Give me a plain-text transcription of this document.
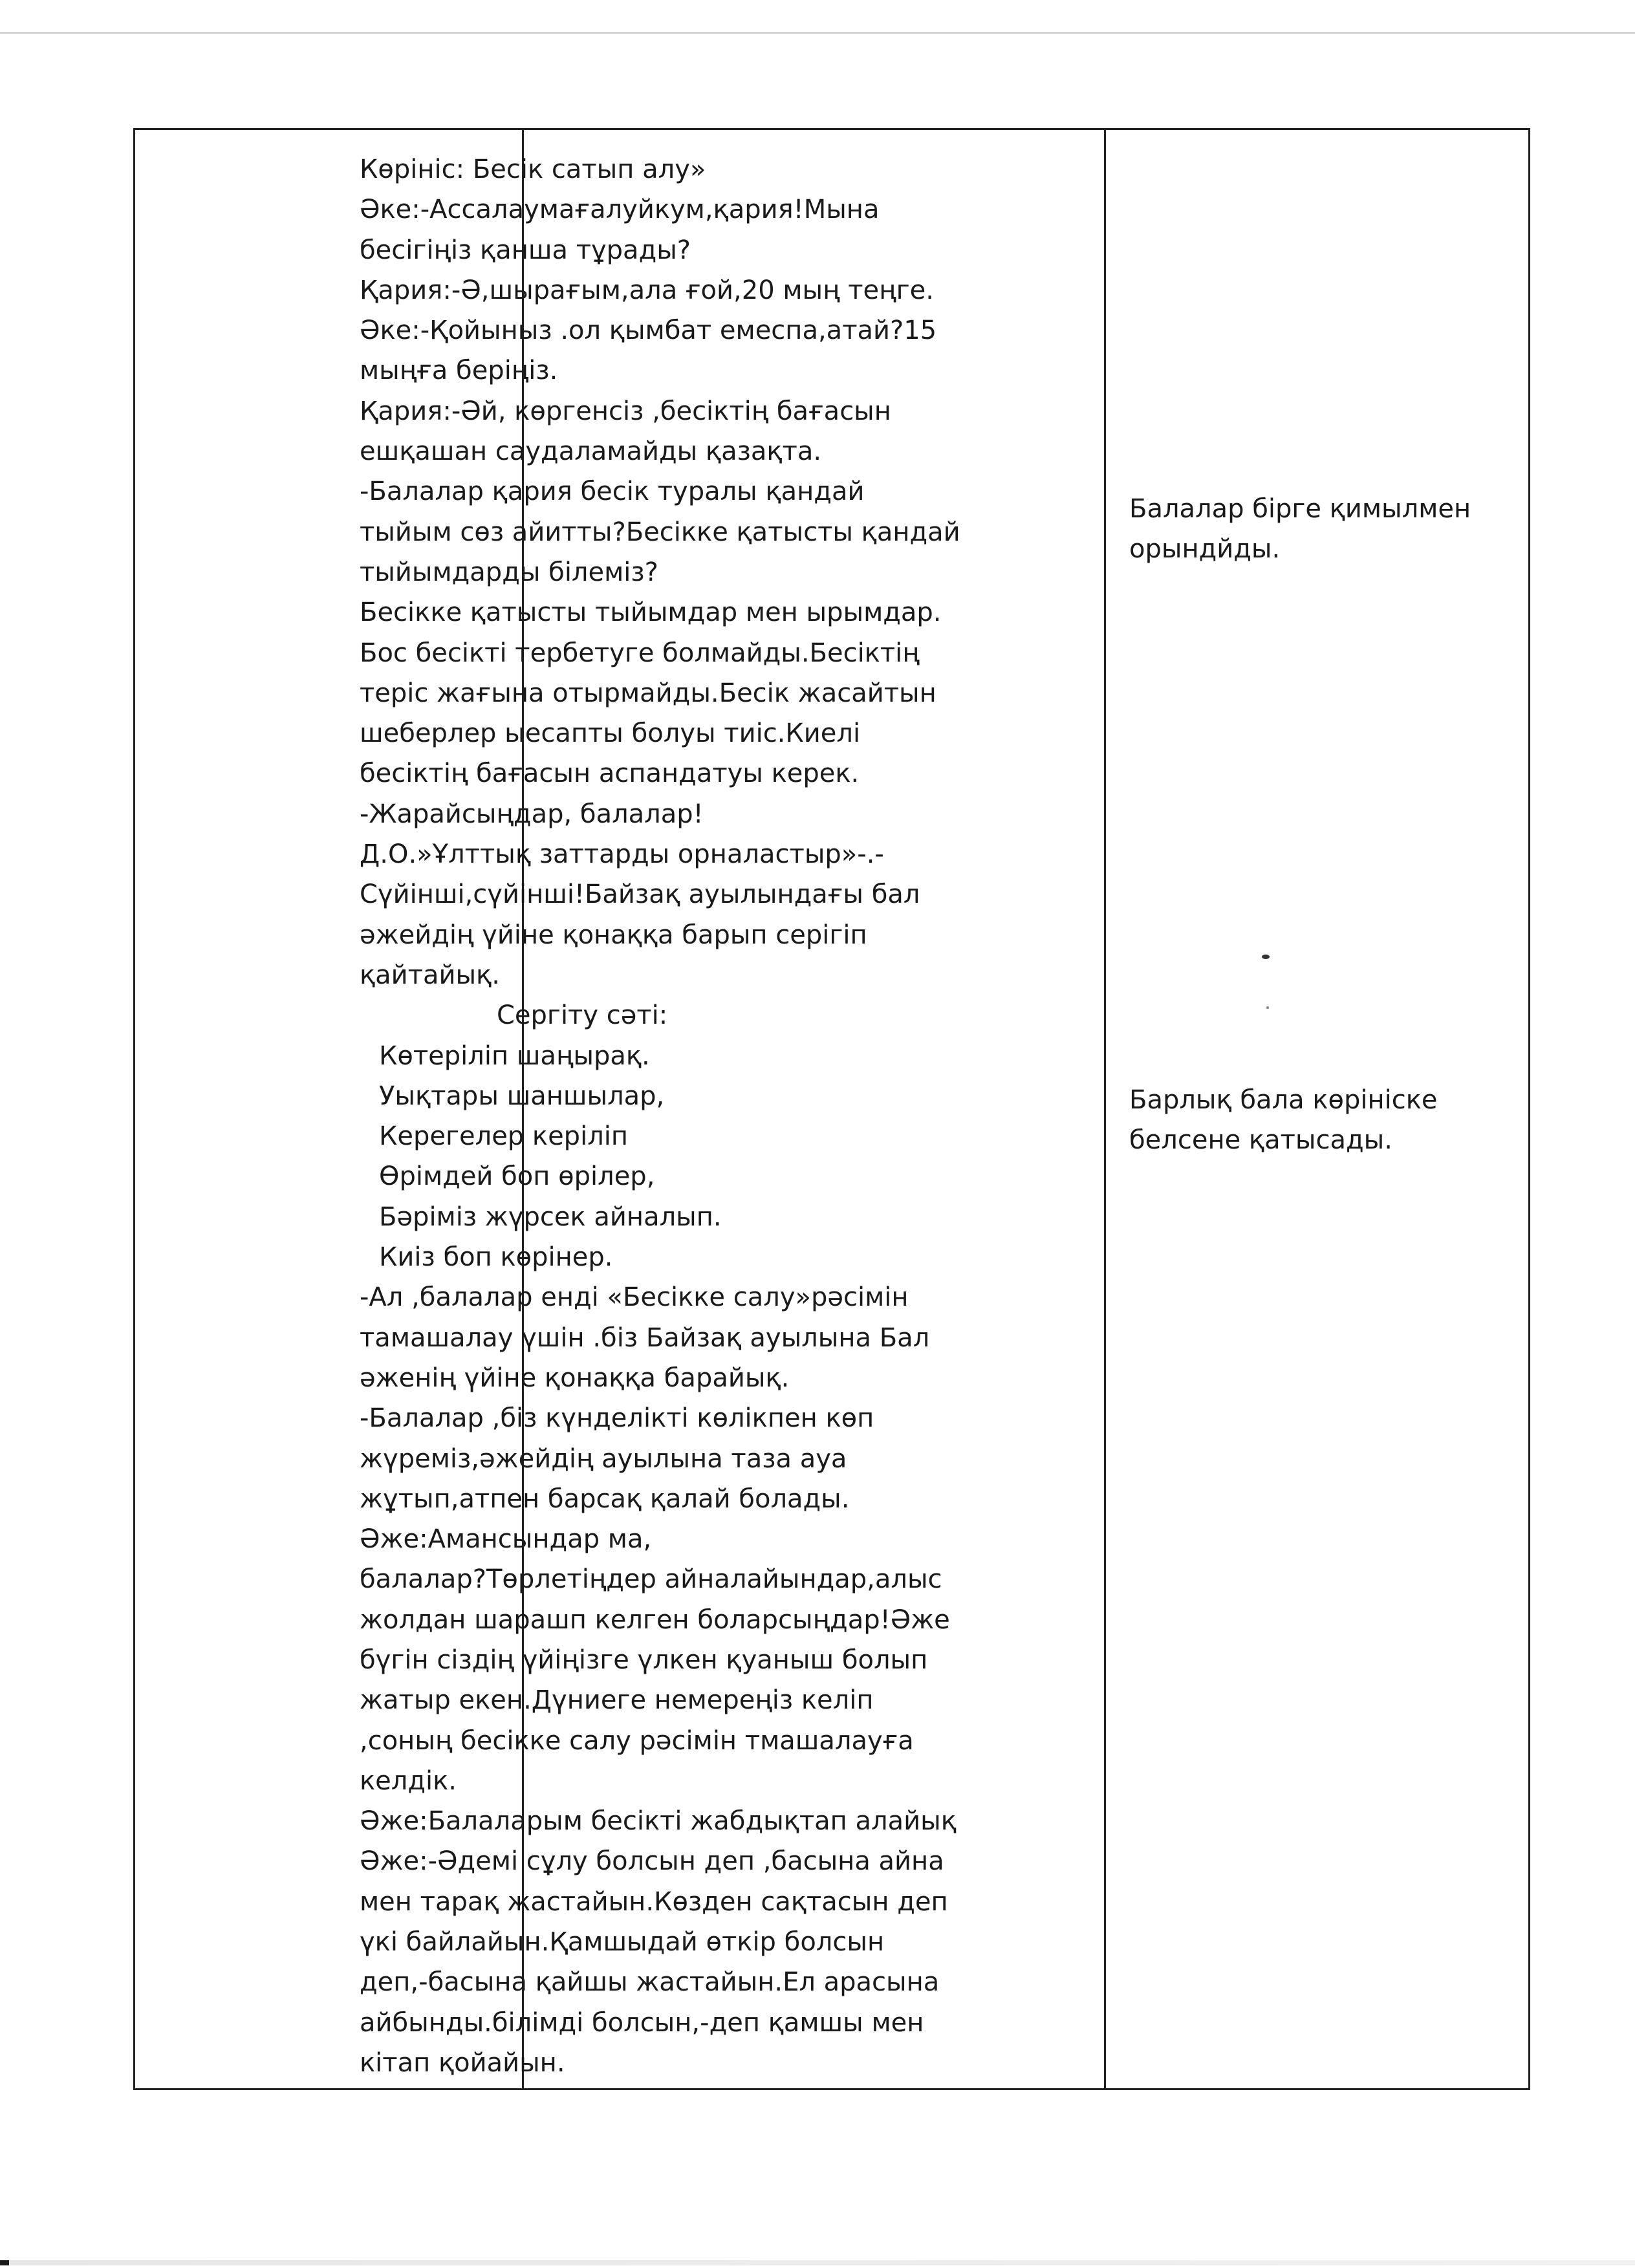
Көрініс: Бесік сатып алу»
Әке:-Ассалаумағалуйкум,қария!Мына
бесігіңіз қанша тұрады?
Қария:-Ә,шырағым,ала ғой,20 мың теңге.
Әке:-Қойыныз .ол қымбат емеспа,атай?15
мыңға беріңіз.
Қария:-Әй, көргенсіз ,бесіктің бағасын
ешқашан саудаламайды қазақта.
-Балалар қария бесік туралы қандай
тыйым сөз айитты?Бесікке қатысты қандай
тыйымдарды білеміз?
Бесікке қатысты тыйымдар мен ырымдар.
Бос бесікті тербетуге болмайды.Бесіктің
теріс жағына отырмайды.Бесік жасайтын
шеберлер ыесапты болуы тиіс.Киелі
бесіктің бағасын аспандатуы керек.
-Жарайсыңдар, балалар!
Д.О.»Ұлттық заттарды орналастыр»-.-
Сүйінші,сүйінші!Байзақ ауылындағы бал
әжейдің үйіне қонаққа барып серігіп
қайтайық.
Сергіту сәті:
Көтеріліп шаңырақ.
Уықтары шаншылар,
Керегелер керіліп
Өрімдей боп өрілер,
Бәріміз жүрсек айналып.
Киіз боп көрінер.
-Ал ,балалар енді «Бесікке салу»рәсімін
тамашалау үшін .біз Байзақ ауылына Бал
әженің үйіне қонаққа барайық.
-Балалар ,біз күнделікті көлікпен көп
жүреміз,әжейдің ауылына таза ауа
жұтып,атпен барсақ қалай болады.
Әже:Амансындар ма,
балалар?Төрлетіңдер айналайындар,алыс
жолдан шарашп келген боларсыңдар!Әже
бүгін сіздің үйіңізге үлкен қуаныш болып
жатыр екен.Дүниеге немереңіз келіп
,соның бесікке салу рәсімін тмашалауға
келдік.
Әже:Балаларым бесікті жабдықтап алайық
Әже:-Әдемі сұлу болсын деп ,басына айна
мен тарақ жастайын.Көзден сақтасын деп
үкі байлайын.Қамшыдай өткір болсын
деп,-басына қайшы жастайын.Ел арасына
айбынды.білімді болсын,-деп қамшы мен
кітап қойайын.
Балалар бірге қимылмен
орындйды.
Барлық бала көрініске
белсене қатысады.
